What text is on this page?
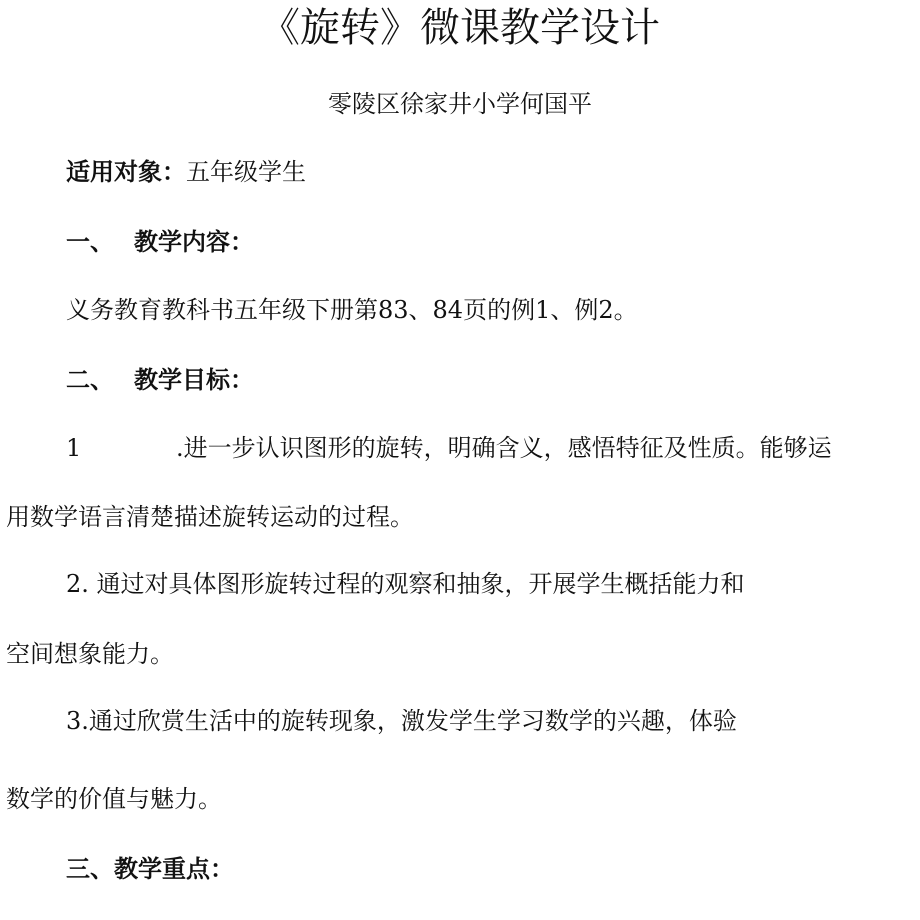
《旋转》微课教学设计
零陵区徐家井小学何国平
适用对象：五年级学生
一、 教学内容：
义务教育教科书五年级下册第83、84页的例1、例2。
二、 教学目标：
1	.进一步认识图形的旋转，明确含义，感悟特征及性质。能够运
用数学语言清楚描述旋转运动的过程。
2. 通过对具体图形旋转过程的观察和抽象，开展学生概括能力和
空间想象能力。
3.通过欣赏生活中的旋转现象，激发学生学习数学的兴趣，体验
数学的价值与魅力。
三、教学重点：
